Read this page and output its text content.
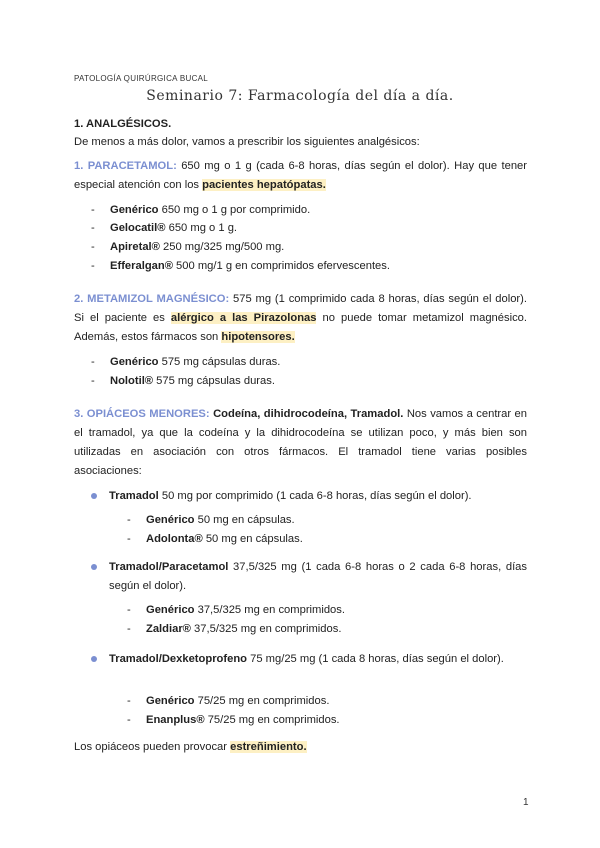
PATOLOGÍA QUIRÚRGICA BUCAL
Seminario 7: Farmacología del día a día.
1. ANALGÉSICOS.
De menos a más dolor, vamos a prescribir los siguientes analgésicos:
1. PARACETAMOL: 650 mg o 1 g (cada 6-8 horas, días según el dolor). Hay que tener especial atención con los pacientes hepatópatas.
- Genérico 650 mg o 1 g por comprimido.
- Gelocatil® 650 mg o 1 g.
- Apiretal® 250 mg/325 mg/500 mg.
- Efferalgan® 500 mg/1 g en comprimidos efervescentes.
2. METAMIZOL MAGNÉSICO: 575 mg (1 comprimido cada 8 horas, días según el dolor). Si el paciente es alérgico a las Pirazolonas no puede tomar metamizol magnésico. Además, estos fármacos son hipotensores.
- Genérico 575 mg cápsulas duras.
- Nolotil® 575 mg cápsulas duras.
3. OPIÁCEOS MENORES: Codeína, dihidrocodeína, Tramadol. Nos vamos a centrar en el tramadol, ya que la codeína y la dihidrocodeína se utilizan poco, y más bien son utilizadas en asociación con otros fármacos. El tramadol tiene varias posibles asociaciones:
Tramadol 50 mg por comprimido (1 cada 6-8 horas, días según el dolor).
- Genérico 50 mg en cápsulas.
- Adolonta® 50 mg en cápsulas.
Tramadol/Paracetamol 37,5/325 mg (1 cada 6-8 horas o 2 cada 6-8 horas, días según el dolor).
- Genérico 37,5/325 mg en comprimidos.
- Zaldiar® 37,5/325 mg en comprimidos.
Tramadol/Dexketoprofeno 75 mg/25 mg (1 cada 8 horas, días según el dolor).
- Genérico 75/25 mg en comprimidos.
- Enanplus® 75/25 mg en comprimidos.
Los opiáceos pueden provocar estreñimiento.
1
